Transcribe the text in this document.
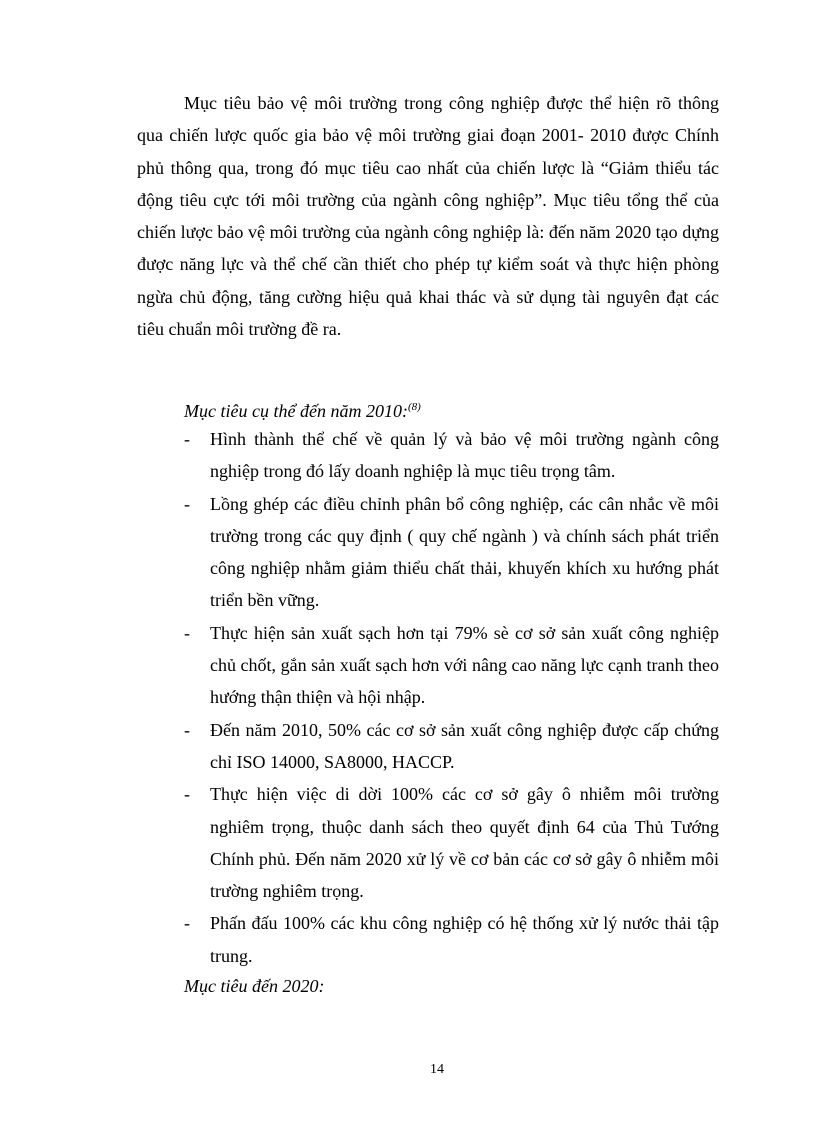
Mục tiêu bảo vệ môi trường trong công nghiệp được thể hiện rõ thông qua chiến lược quốc gia bảo vệ môi trường giai đoạn 2001- 2010 được Chính phủ thông qua, trong đó mục tiêu cao nhất của chiến lược là “Giảm thiểu tác động tiêu cực tới môi trường của ngành công nghiệp”. Mục tiêu tổng thể của chiến lược bảo vệ môi trường của ngành công nghiệp là: đến năm 2020 tạo dựng được năng lực và thể chế cần thiết cho phép tự kiểm soát và thực hiện phòng ngừa chủ động, tăng cường hiệu quả khai thác và sử dụng tài nguyên đạt các tiêu chuẩn môi trường đề ra.

Mục tiêu cụ thể đến năm 2010:$^{(8)}$

- Hình thành thể chế về quản lý và bảo vệ môi trường ngành công nghiệp trong đó lấy doanh nghiệp là mục tiêu trọng tâm.
- Lồng ghép các điều chỉnh phân bổ công nghiệp, các cân nhắc về môi trường trong các quy định ( quy chế ngành ) và chính sách phát triển công nghiệp nhằm giảm thiểu chất thải, khuyến khích xu hướng phát triển bền vững.
- Thực hiện sản xuất sạch hơn tại 79% sè cơ sở sản xuất công nghiệp chủ chốt, gắn sản xuất sạch hơn với nâng cao năng lực cạnh tranh theo hướng thận thiện và hội nhập.
- Đến năm 2010, 50% các cơ sở sản xuất công nghiệp được cấp chứng chỉ ISO 14000, SA8000, HACCP.
- Thực hiện việc di dời 100% các cơ sở gây ô nhiễm môi trường nghiêm trọng, thuộc danh sách theo quyết định 64 của Thủ Tướng Chính phủ. Đến năm 2020 xử lý về cơ bản các cơ sở gây ô nhiễm môi trường nghiêm trọng.
- Phấn đấu 100% các khu công nghiệp có hệ thống xử lý nước thải tập trung.

Mục tiêu đến 2020:

14
